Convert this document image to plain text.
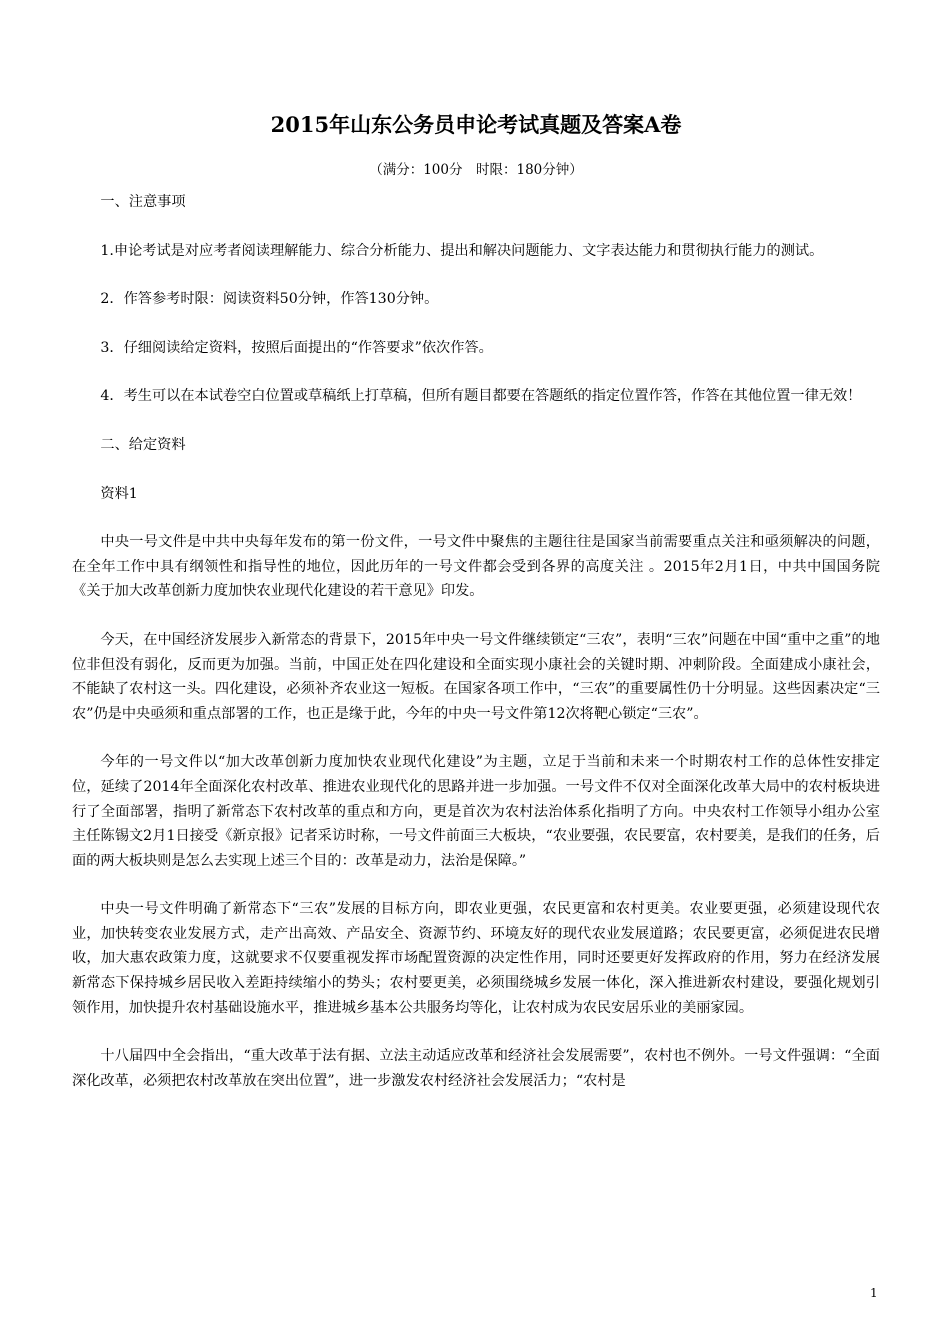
2015年山东公务员申论考试真题及答案A卷

（满分：100分　时限：180分钟）

一、注意事项

1.申论考试是对应考者阅读理解能力、综合分析能力、提出和解决问题能力、文字表达能力和贯彻执行能力的测试。

2．作答参考时限：阅读资料50分钟，作答130分钟。

3．仔细阅读给定资料，按照后面提出的“作答要求”依次作答。

4．考生可以在本试卷空白位置或草稿纸上打草稿，但所有题目都要在答题纸的指定位置作答，作答在其他位置一律无效！

二、给定资料

资料1

中央一号文件是中共中央每年发布的第一份文件，一号文件中聚焦的主题往往是国家当前需要重点关注和亟须解决的问题，在全年工作中具有纲领性和指导性的地位，因此历年的一号文件都会受到各界的高度关注 。2015年2月1日，中共中国国务院《关于加大改革创新力度加快农业现代化建设的若干意见》印发。

今天，在中国经济发展步入新常态的背景下，2015年中央一号文件继续锁定“三农”，表明“三农”问题在中国“重中之重”的地位非但没有弱化，反而更为加强。当前，中国正处在四化建设和全面实现小康社会的关键时期、冲刺阶段。全面建成小康社会，不能缺了农村这一头。四化建设，必须补齐农业这一短板。在国家各项工作中，“三农”的重要属性仍十分明显。这些因素决定“三农”仍是中央亟须和重点部署的工作，也正是缘于此，今年的中央一号文件第12次将靶心锁定“三农”。

今年的一号文件以“加大改革创新力度加快农业现代化建设”为主题，立足于当前和未来一个时期农村工作的总体性安排定位，延续了2014年全面深化农村改革、推进农业现代化的思路并进一步加强。一号文件不仅对全面深化改革大局中的农村板块进行了全面部署，指明了新常态下农村改革的重点和方向，更是首次为农村法治体系化指明了方向。中央农村工作领导小组办公室主任陈锡文2月1日接受《新京报》记者采访时称，一号文件前面三大板块，“农业要强，农民要富，农村要美，是我们的任务，后面的两大板块则是怎么去实现上述三个目的：改革是动力，法治是保障。”

中央一号文件明确了新常态下“三农”发展的目标方向，即农业更强，农民更富和农村更美。农业要更强，必须建设现代农业，加快转变农业发展方式，走产出高效、产品安全、资源节约、环境友好的现代农业发展道路；农民要更富，必须促进农民增收，加大惠农政策力度，这就要求不仅要重视发挥市场配置资源的决定性作用，同时还要更好发挥政府的作用，努力在经济发展新常态下保持城乡居民收入差距持续缩小的势头；农村要更美，必须围绕城乡发展一体化，深入推进新农村建设，要强化规划引领作用，加快提升农村基础设施水平，推进城乡基本公共服务均等化，让农村成为农民安居乐业的美丽家园。

十八届四中全会指出，“重大改革于法有据、立法主动适应改革和经济社会发展需要”，农村也不例外。一号文件强调：“全面深化改革，必须把农村改革放在突出位置”，进一步激发农村经济社会发展活力；“农村是

1
